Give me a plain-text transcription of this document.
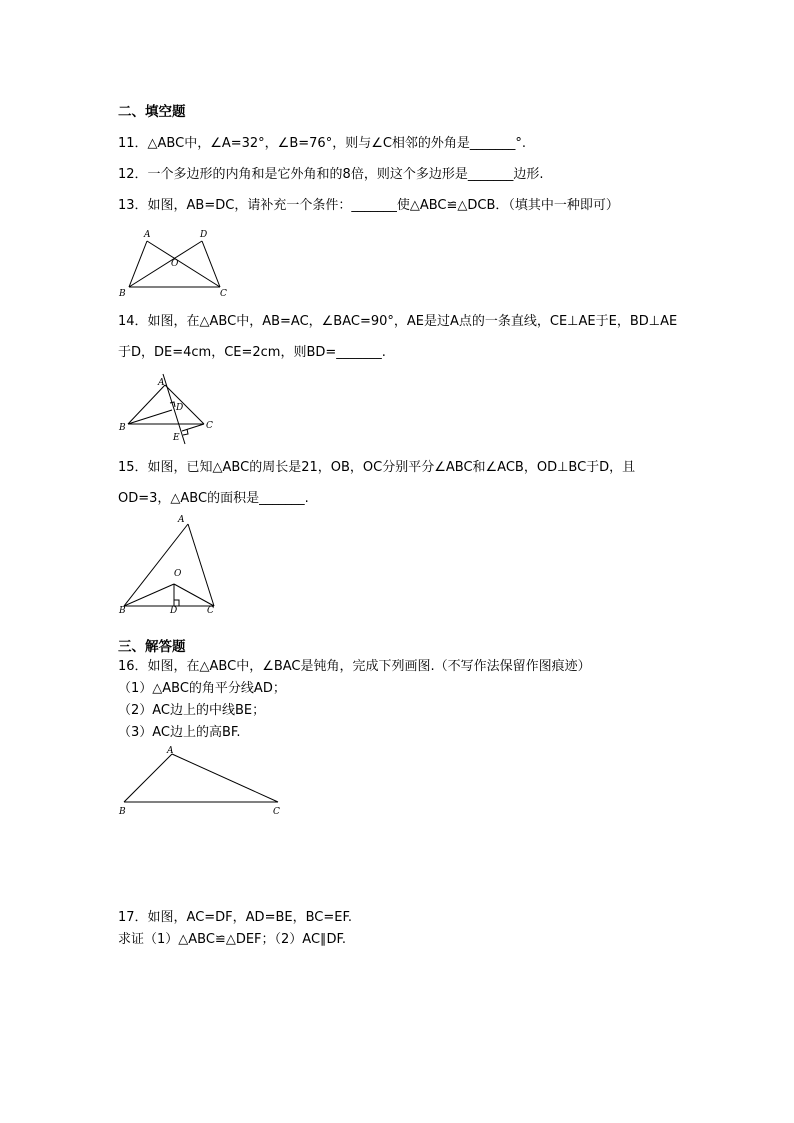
二、填空题
11．△ABC中，∠A=32°，∠B=76°，则与∠C相邻的外角是_______°.
12．一个多边形的内角和是它外角和的8倍，则这个多边形是_______边形.
13．如图，AB=DC，请补充一个条件：_______使△ABC≌△DCB．（填其中一种即可）
A	D
O
B	C
14．如图，在△ABC中，AB=AC，∠BAC=90°，AE是过A点的一条直线，CE⊥AE于E，BD⊥AE
于D，DE=4cm，CE=2cm，则BD=_______.
A
D
B	C
E
15．如图，已知△ABC的周长是21，OB，OC分别平分∠ABC和∠ACB，OD⊥BC于D，且
OD=3，△ABC的面积是_______.
A
O
B	D	C
三、解答题
16．如图，在△ABC中，∠BAC是钝角，完成下列画图.（不写作法保留作图痕迹）
（1）△ABC的角平分线AD；
（2）AC边上的中线BE；
（3）AC边上的高BF.
A
B	C
17．如图，AC=DF，AD=BE，BC=EF.
求证（1）△ABC≌△DEF；（2）AC∥DF.
